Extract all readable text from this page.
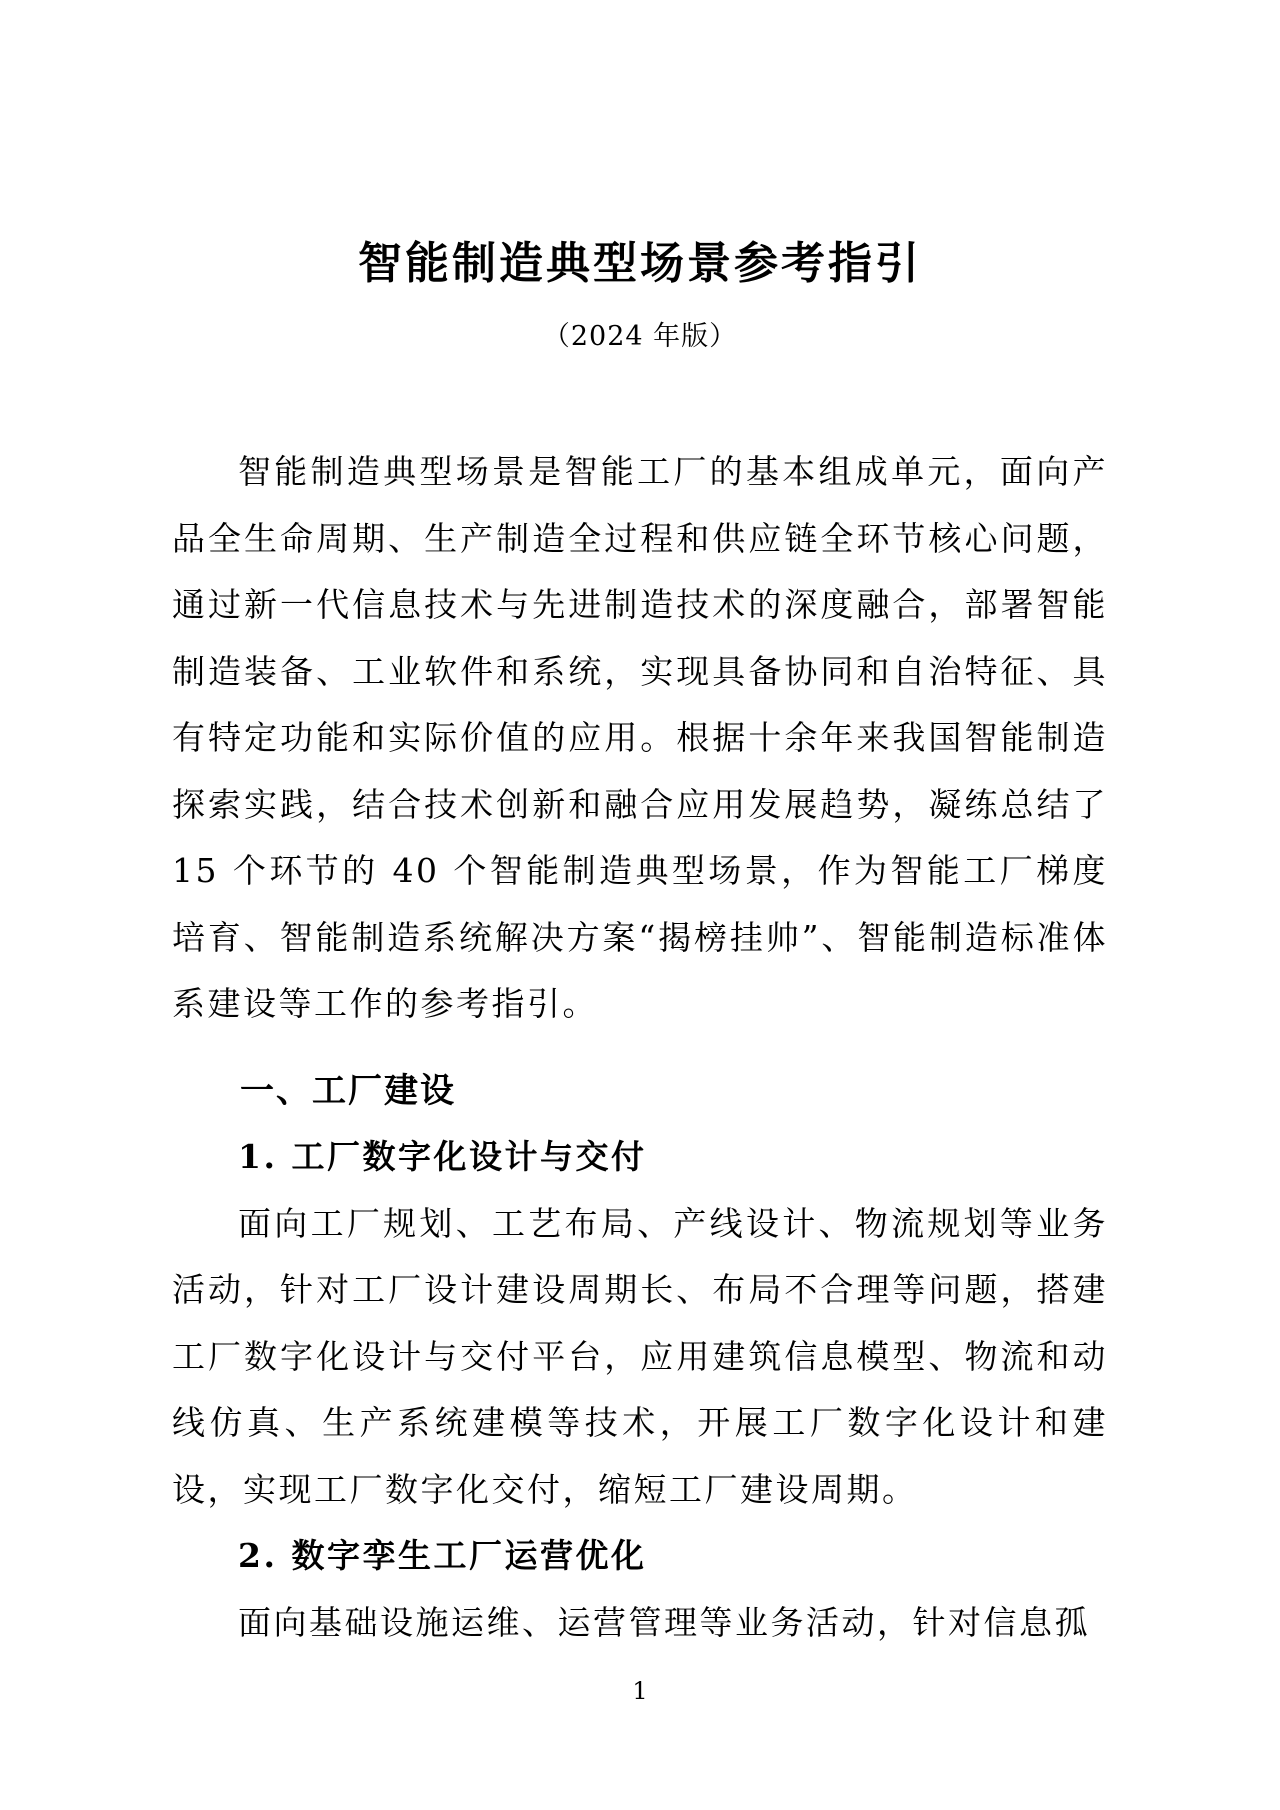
智能制造典型场景参考指引
（2024 年版）

智能制造典型场景是智能工厂的基本组成单元，面向产品全生命周期、生产制造全过程和供应链全环节核心问题，通过新一代信息技术与先进制造技术的深度融合，部署智能制造装备、工业软件和系统，实现具备协同和自治特征、具有特定功能和实际价值的应用。根据十余年来我国智能制造探索实践，结合技术创新和融合应用发展趋势，凝练总结了 15 个环节的 40 个智能制造典型场景，作为智能工厂梯度培育、智能制造系统解决方案“揭榜挂帅”、智能制造标准体系建设等工作的参考指引。

一、工厂建设
1. 工厂数字化设计与交付

面向工厂规划、工艺布局、产线设计、物流规划等业务活动，针对工厂设计建设周期长、布局不合理等问题，搭建工厂数字化设计与交付平台，应用建筑信息模型、物流和动线仿真、生产系统建模等技术，开展工厂数字化设计和建设，实现工厂数字化交付，缩短工厂建设周期。

2. 数字孪生工厂运营优化

面向基础设施运维、运营管理等业务活动，针对信息孤

1
